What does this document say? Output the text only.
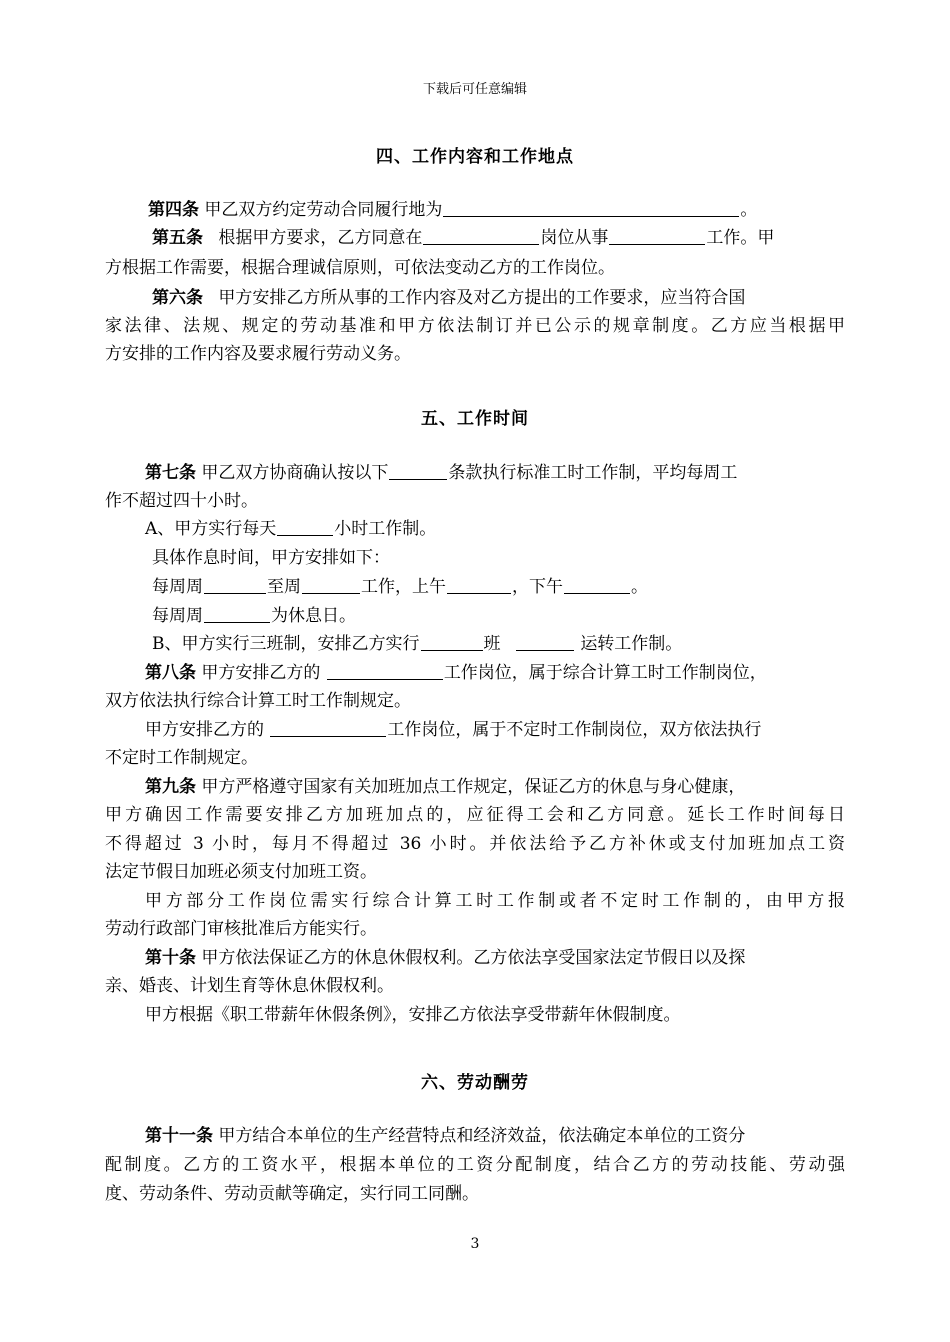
下载后可任意编辑
四、工作内容和工作地点
第四条 甲乙双方约定劳动合同履行地为	。
第五条 根据甲方要求，乙方同意在	岗位从事	工作。甲
方根据工作需要，根据合理诚信原则，可依法变动乙方的工作岗位。
第六条 甲方安排乙方所从事的工作内容及对乙方提出的工作要求，应当符合国
家法律、法规、规定的劳动基准和甲方依法制订并已公示的规章制度。乙方应当根据甲
方安排的工作内容及要求履行劳动义务。
五、工作时间
第七条 甲乙双方协商确认按以下	条款执行标准工时工作制，平均每周工
作不超过四十小时。
A、甲方实行每天	小时工作制。
具体作息时间，甲方安排如下：
每周周	至周	工作，上午	，下午	。
每周周	为休息日。
B、甲方实行三班制，安排乙方实行	班	运转工作制。
第八条 甲方安排乙方的	工作岗位，属于综合计算工时工作制岗位，
双方依法执行综合计算工时工作制规定。
甲方安排乙方的	工作岗位，属于不定时工作制岗位，双方依法执行
不定时工作制规定。
第九条 甲方严格遵守国家有关加班加点工作规定，保证乙方的休息与身心健康，
甲方确因工作需要安排乙方加班加点的，应征得工会和乙方同意。延长工作时间每日
不得超过 3 小时，每月不得超过 36 小时。并依法给予乙方补休或支付加班加点工资
法定节假日加班必须支付加班工资。
甲方部分工作岗位需实行综合计算工时工作制或者不定时工作制的，由甲方报
劳动行政部门审核批准后方能实行。
第十条 甲方依法保证乙方的休息休假权利。乙方依法享受国家法定节假日以及探
亲、婚丧、计划生育等休息休假权利。
甲方根据《职工带薪年休假条例》，安排乙方依法享受带薪年休假制度。
六、劳动酬劳
第十一条 甲方结合本单位的生产经营特点和经济效益，依法确定本单位的工资分
配制度。乙方的工资水平，根据本单位的工资分配制度，结合乙方的劳动技能、劳动强
度、劳动条件、劳动贡献等确定，实行同工同酬。
3
